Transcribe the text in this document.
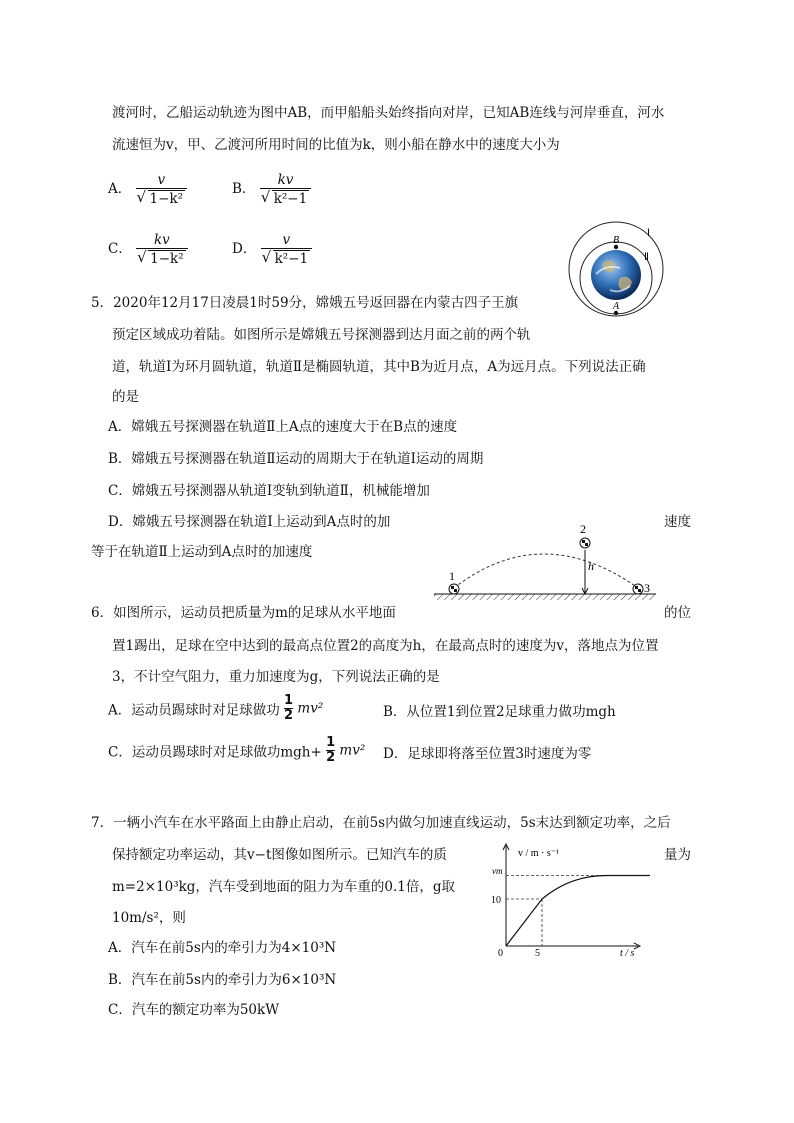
渡河时，乙船运动轨迹为图中AB，而甲船船头始终指向对岸，已知AB连线与河岸垂直，河水
流速恒为v，甲、乙渡河所用时间的比值为k，则小船在静水中的速度大小为
A． v
√ 1−k²	B． kv
√ k²−1
C． kv
√ 1−k²	D． v
√ k²−1	B
A
Ⅰ
Ⅱ
5．2020年12月17日凌晨1时59分，嫦娥五号返回器在内蒙古四子王旗
预定区域成功着陆。如图所示是嫦娥五号探测器到达月面之前的两个轨
道，轨道Ⅰ为环月圆轨道，轨道Ⅱ是椭圆轨道，其中B为近月点，A为远月点。下列说法正确
的是
A．嫦娥五号探测器在轨道Ⅱ上A点的速度大于在B点的速度
B．嫦娥五号探测器在轨道Ⅱ运动的周期大于在轨道Ⅰ运动的周期
C．嫦娥五号探测器从轨道Ⅰ变轨到轨道Ⅱ，机械能增加
D．嫦娥五号探测器在轨道Ⅰ上运动到A点时的加	速度
等于在轨道Ⅱ上运动到A点时的加速度
1
2
3
h
6．如图所示，运动员把质量为m的足球从水平地面	的位
置1踢出，足球在空中达到的最高点位置2的高度为h，在最高点时的速度为v，落地点为位置
3，不计空气阻力，重力加速度为g，下列说法正确的是
A．运动员踢球时对足球做功 $\frac{1}{2} mv^2$	B．从位置1到位置2足球重力做功mgh
C．运动员踢球时对足球做功$mgh+ \frac{1}{2} mv^2$ D．足球即将落至位置3时速度为零
7．一辆小汽车在水平路面上由静止启动，在前5s内做匀加速直线运动，5s末达到额定功率，之后
保持额定功率运动，其v−t图像如图所示。已知汽车的质	量为
m=2×10³kg，汽车受到地面的阻力为车重的0.1倍，g取
10m/s²，则
A．汽车在前5s内的牵引力为4×10³N
B．汽车在前5s内的牵引力为6×10³N
C．汽车的额定功率为50kW
v / m · s⁻¹
t / s
vm
10
0	5
